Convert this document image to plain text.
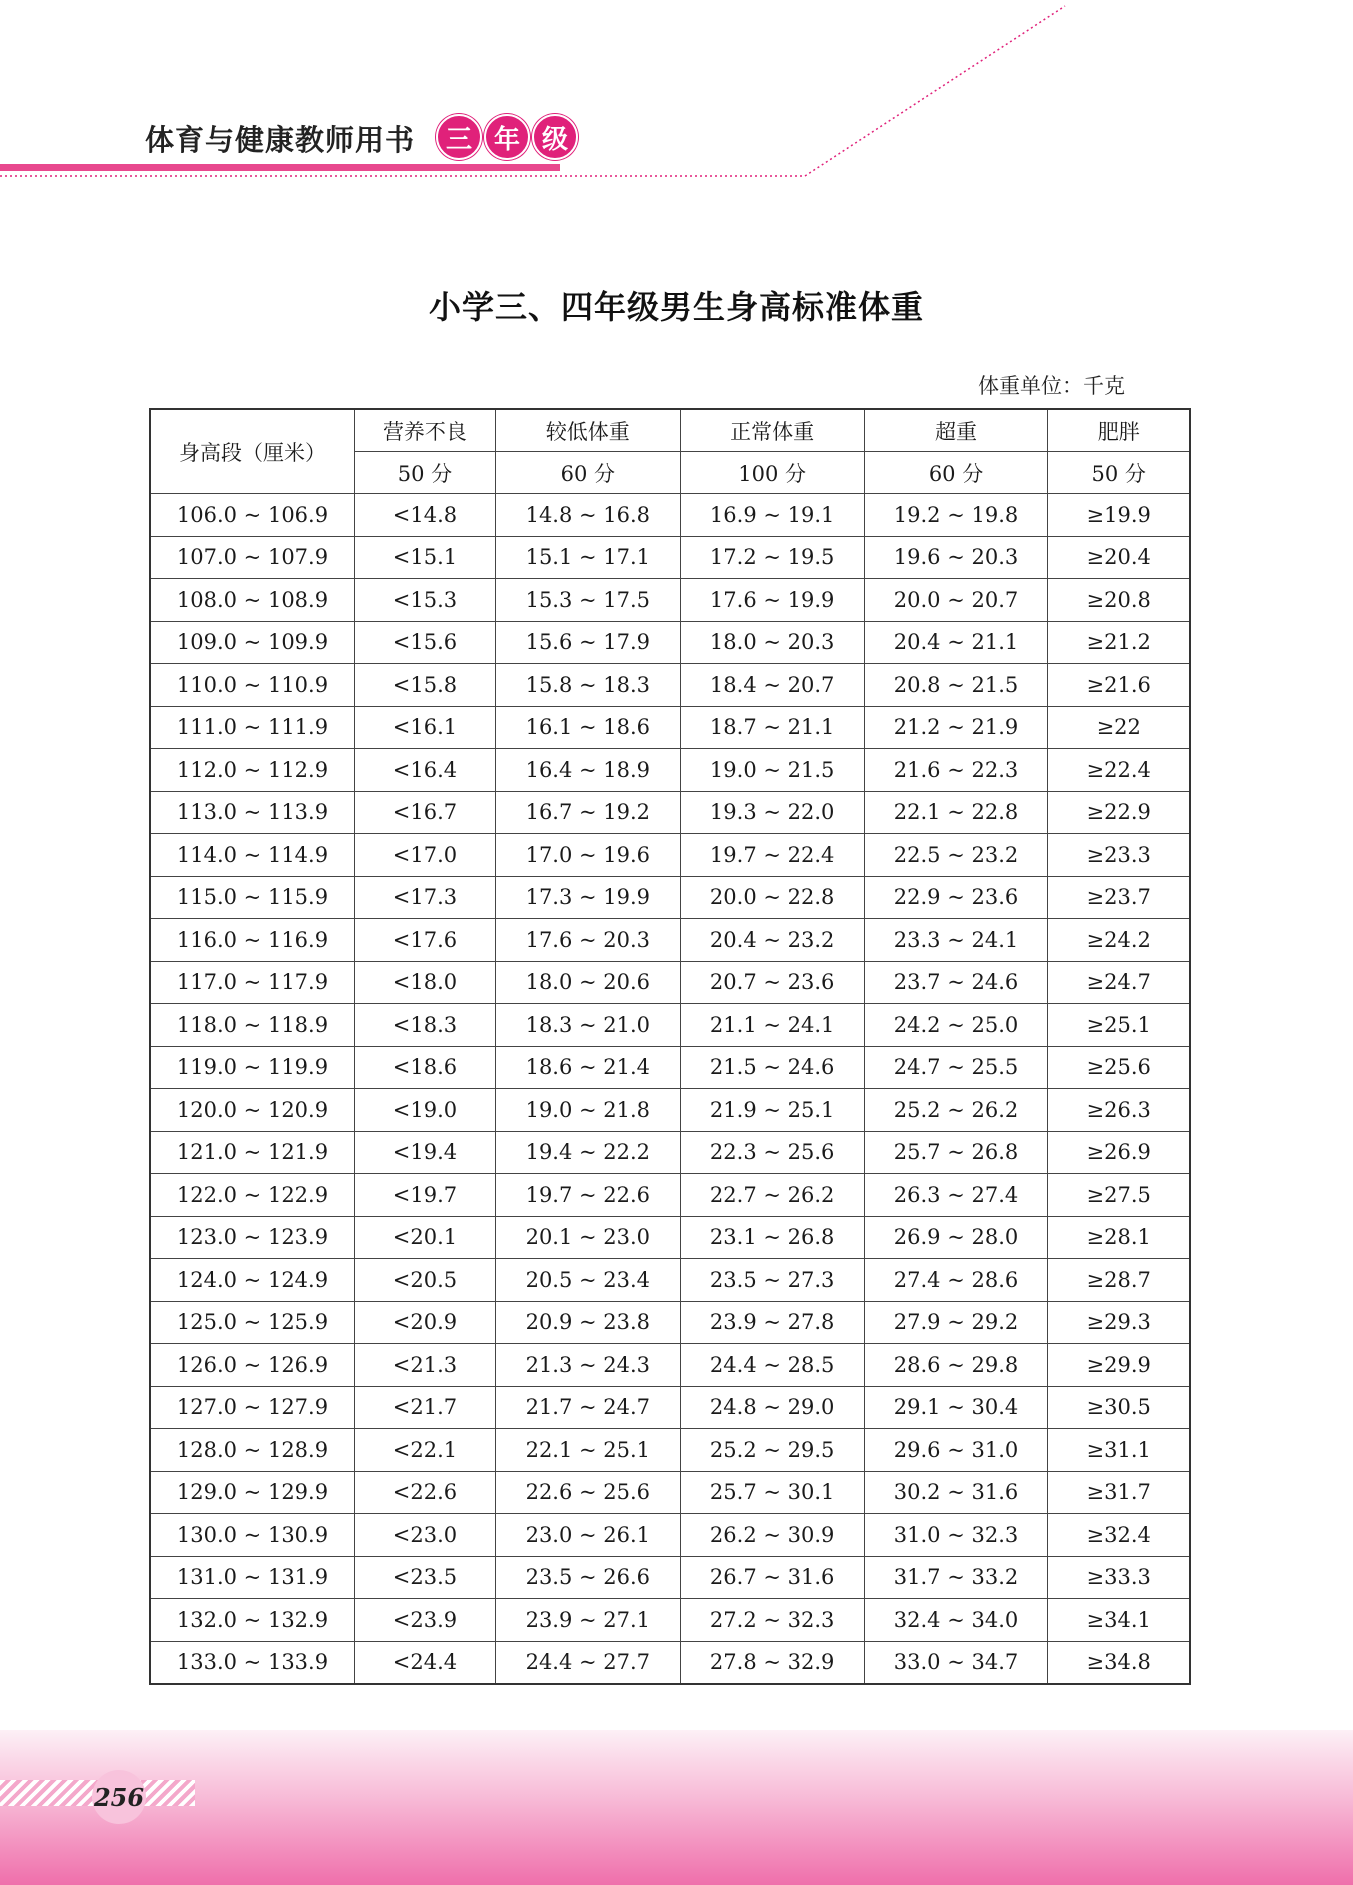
体育与健康教师用书	三 年 级
小学三、四年级男生身高标准体重
体重单位：千克
身高段（厘米）	营养不良	较低体重	正常体重	超重	肥胖
	50 分	60 分	100 分	60 分	50 分
106.0 ~ 106.9	<14.8	14.8 ~ 16.8	16.9 ~ 19.1	19.2 ~ 19.8	≥19.9
107.0 ~ 107.9	<15.1	15.1 ~ 17.1	17.2 ~ 19.5	19.6 ~ 20.3	≥20.4
108.0 ~ 108.9	<15.3	15.3 ~ 17.5	17.6 ~ 19.9	20.0 ~ 20.7	≥20.8
109.0 ~ 109.9	<15.6	15.6 ~ 17.9	18.0 ~ 20.3	20.4 ~ 21.1	≥21.2
110.0 ~ 110.9	<15.8	15.8 ~ 18.3	18.4 ~ 20.7	20.8 ~ 21.5	≥21.6
111.0 ~ 111.9	<16.1	16.1 ~ 18.6	18.7 ~ 21.1	21.2 ~ 21.9	≥22
112.0 ~ 112.9	<16.4	16.4 ~ 18.9	19.0 ~ 21.5	21.6 ~ 22.3	≥22.4
113.0 ~ 113.9	<16.7	16.7 ~ 19.2	19.3 ~ 22.0	22.1 ~ 22.8	≥22.9
114.0 ~ 114.9	<17.0	17.0 ~ 19.6	19.7 ~ 22.4	22.5 ~ 23.2	≥23.3
115.0 ~ 115.9	<17.3	17.3 ~ 19.9	20.0 ~ 22.8	22.9 ~ 23.6	≥23.7
116.0 ~ 116.9	<17.6	17.6 ~ 20.3	20.4 ~ 23.2	23.3 ~ 24.1	≥24.2
117.0 ~ 117.9	<18.0	18.0 ~ 20.6	20.7 ~ 23.6	23.7 ~ 24.6	≥24.7
118.0 ~ 118.9	<18.3	18.3 ~ 21.0	21.1 ~ 24.1	24.2 ~ 25.0	≥25.1
119.0 ~ 119.9	<18.6	18.6 ~ 21.4	21.5 ~ 24.6	24.7 ~ 25.5	≥25.6
120.0 ~ 120.9	<19.0	19.0 ~ 21.8	21.9 ~ 25.1	25.2 ~ 26.2	≥26.3
121.0 ~ 121.9	<19.4	19.4 ~ 22.2	22.3 ~ 25.6	25.7 ~ 26.8	≥26.9
122.0 ~ 122.9	<19.7	19.7 ~ 22.6	22.7 ~ 26.2	26.3 ~ 27.4	≥27.5
123.0 ~ 123.9	<20.1	20.1 ~ 23.0	23.1 ~ 26.8	26.9 ~ 28.0	≥28.1
124.0 ~ 124.9	<20.5	20.5 ~ 23.4	23.5 ~ 27.3	27.4 ~ 28.6	≥28.7
125.0 ~ 125.9	<20.9	20.9 ~ 23.8	23.9 ~ 27.8	27.9 ~ 29.2	≥29.3
126.0 ~ 126.9	<21.3	21.3 ~ 24.3	24.4 ~ 28.5	28.6 ~ 29.8	≥29.9
127.0 ~ 127.9	<21.7	21.7 ~ 24.7	24.8 ~ 29.0	29.1 ~ 30.4	≥30.5
128.0 ~ 128.9	<22.1	22.1 ~ 25.1	25.2 ~ 29.5	29.6 ~ 31.0	≥31.1
129.0 ~ 129.9	<22.6	22.6 ~ 25.6	25.7 ~ 30.1	30.2 ~ 31.6	≥31.7
130.0 ~ 130.9	<23.0	23.0 ~ 26.1	26.2 ~ 30.9	31.0 ~ 32.3	≥32.4
131.0 ~ 131.9	<23.5	23.5 ~ 26.6	26.7 ~ 31.6	31.7 ~ 33.2	≥33.3
132.0 ~ 132.9	<23.9	23.9 ~ 27.1	27.2 ~ 32.3	32.4 ~ 34.0	≥34.1
133.0 ~ 133.9	<24.4	24.4 ~ 27.7	27.8 ~ 32.9	33.0 ~ 34.7	≥34.8
256
